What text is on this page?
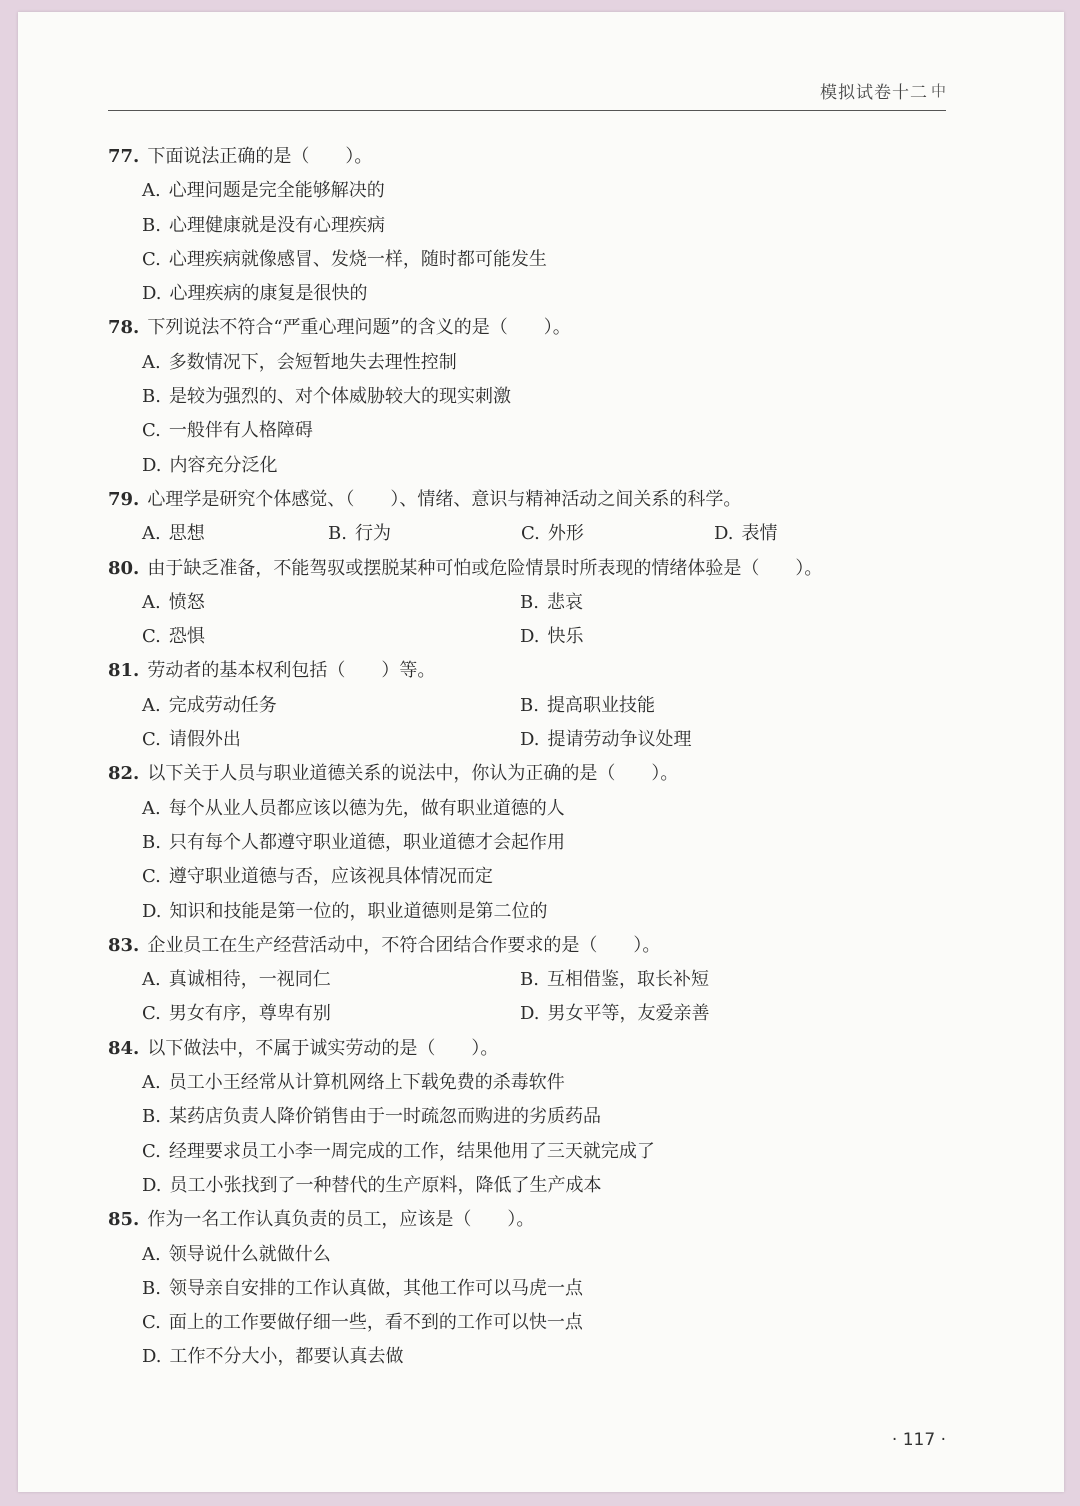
模拟试卷十二 中
77. 下面说法正确的是（　　）。
A. 心理问题是完全能够解决的
B. 心理健康就是没有心理疾病
C. 心理疾病就像感冒、发烧一样，随时都可能发生
D. 心理疾病的康复是很快的
78. 下列说法不符合“严重心理问题”的含义的是（　　）。
A. 多数情况下，会短暂地失去理性控制
B. 是较为强烈的、对个体威胁较大的现实刺激
C. 一般伴有人格障碍
D. 内容充分泛化
79. 心理学是研究个体感觉、（　　）、情绪、意识与精神活动之间关系的科学。
A. 思想	B. 行为	C. 外形	D. 表情
80. 由于缺乏准备，不能驾驭或摆脱某种可怕或危险情景时所表现的情绪体验是（　　）。
A. 愤怒	B. 悲哀
C. 恐惧	D. 快乐
81. 劳动者的基本权利包括（　　）等。
A. 完成劳动任务	B. 提高职业技能
C. 请假外出	D. 提请劳动争议处理
82. 以下关于人员与职业道德关系的说法中，你认为正确的是（　　）。
A. 每个从业人员都应该以德为先，做有职业道德的人
B. 只有每个人都遵守职业道德，职业道德才会起作用
C. 遵守职业道德与否，应该视具体情况而定
D. 知识和技能是第一位的，职业道德则是第二位的
83. 企业员工在生产经营活动中，不符合团结合作要求的是（　　）。
A. 真诚相待，一视同仁	B. 互相借鉴，取长补短
C. 男女有序，尊卑有别	D. 男女平等，友爱亲善
84. 以下做法中，不属于诚实劳动的是（　　）。
A. 员工小王经常从计算机网络上下载免费的杀毒软件
B. 某药店负责人降价销售由于一时疏忽而购进的劣质药品
C. 经理要求员工小李一周完成的工作，结果他用了三天就完成了
D. 员工小张找到了一种替代的生产原料，降低了生产成本
85. 作为一名工作认真负责的员工，应该是（　　）。
A. 领导说什么就做什么
B. 领导亲自安排的工作认真做，其他工作可以马虎一点
C. 面上的工作要做仔细一些，看不到的工作可以快一点
D. 工作不分大小，都要认真去做
· 117 ·
